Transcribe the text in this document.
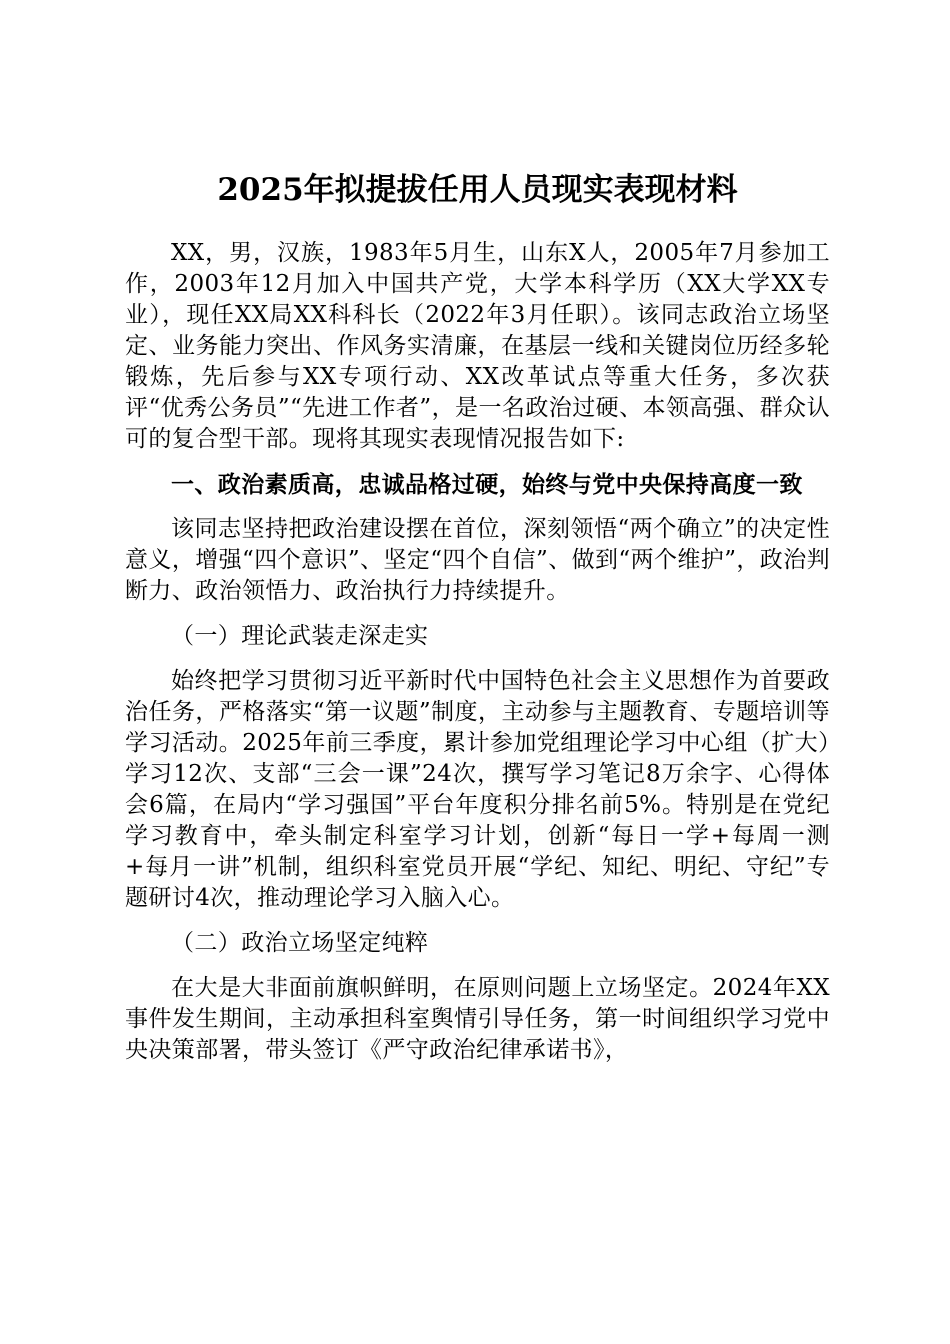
2025年拟提拔任用人员现实表现材料

XX，男，汉族，1983年5月生，山东X人，2005年7月参加工作，2003年12月加入中国共产党，大学本科学历（XX大学XX专业），现任XX局XX科科长（2022年3月任职）。该同志政治立场坚定、业务能力突出、作风务实清廉，在基层一线和关键岗位历经多轮锻炼，先后参与XX专项行动、XX改革试点等重大任务，多次获评“优秀公务员”“先进工作者”，是一名政治过硬、本领高强、群众认可的复合型干部。现将其现实表现情况报告如下:

一、政治素质高，忠诚品格过硬，始终与党中央保持高度一致

该同志坚持把政治建设摆在首位，深刻领悟“两个确立”的决定性意义，增强“四个意识”、坚定“四个自信”、做到“两个维护”，政治判断力、政治领悟力、政治执行力持续提升。

（一）理论武装走深走实

始终把学习贯彻习近平新时代中国特色社会主义思想作为首要政治任务，严格落实“第一议题”制度，主动参与主题教育、专题培训等学习活动。2025年前三季度，累计参加党组理论学习中心组（扩大）学习12次、支部“三会一课”24次，撰写学习笔记8万余字、心得体会6篇，在局内“学习强国”平台年度积分排名前5%。特别是在党纪学习教育中，牵头制定科室学习计划，创新“每日一学+每周一测+每月一讲”机制，组织科室党员开展“学纪、知纪、明纪、守纪”专题研讨4次，推动理论学习入脑入心。

（二）政治立场坚定纯粹

在大是大非面前旗帜鲜明，在原则问题上立场坚定。2024年XX事件发生期间，主动承担科室舆情引导任务，第一时间组织学习党中央决策部署，带头签订《严守政治纪律承诺书》，
